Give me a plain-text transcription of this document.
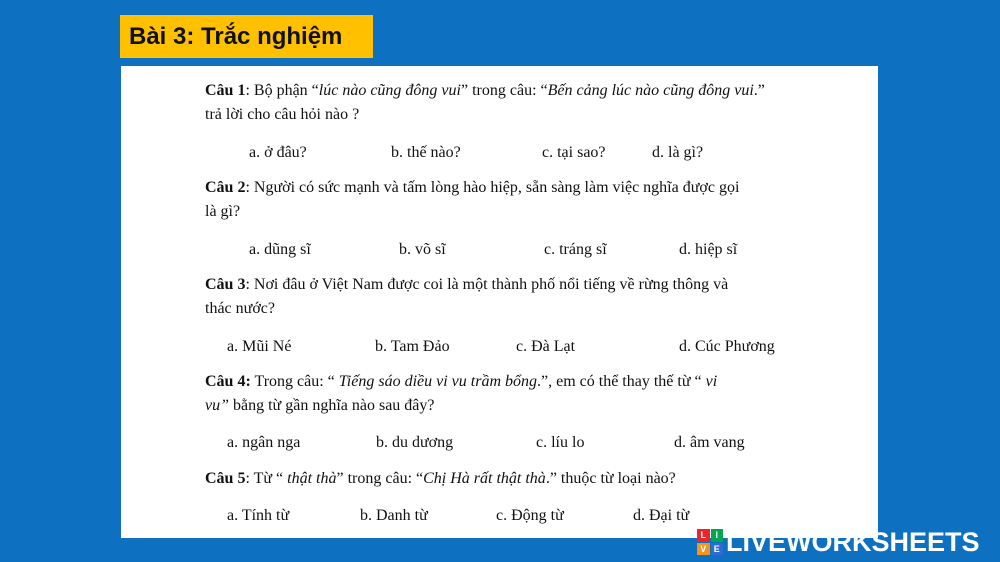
Bài 3: Trắc nghiệm
Câu 1: Bộ phận “lúc nào cũng đông vui” trong câu: “Bến cảng lúc nào cũng đông vui.”
trả lời cho câu hỏi nào ?
a. ở đâu?	b. thế nào?	c. tại sao?	d. là gì?
Câu 2: Người có sức mạnh và tấm lòng hào hiệp, sẵn sàng làm việc nghĩa được gọi
là gì?
a. dũng sĩ	b. võ sĩ	c. tráng sĩ	d. hiệp sĩ
Câu 3: Nơi đâu ở Việt Nam được coi là một thành phố nổi tiếng về rừng thông và
thác nước?
a. Mũi Né	b. Tam Đảo	c. Đà Lạt	d. Cúc Phương
Câu 4: Trong câu: “ Tiếng sáo diều vi vu trầm bổng.”, em có thể thay thế từ “ vi
vu” bằng từ gần nghĩa nào sau đây?
a. ngân nga	b. du dương	c. líu lo	d. âm vang
Câu 5: Từ “ thật thà” trong câu: “Chị Hà rất thật thà.” thuộc từ loại nào?
a. Tính từ	b. Danh từ	c. Động từ	d. Đại từ
L	I
V E LIVEWORKSHEETS
